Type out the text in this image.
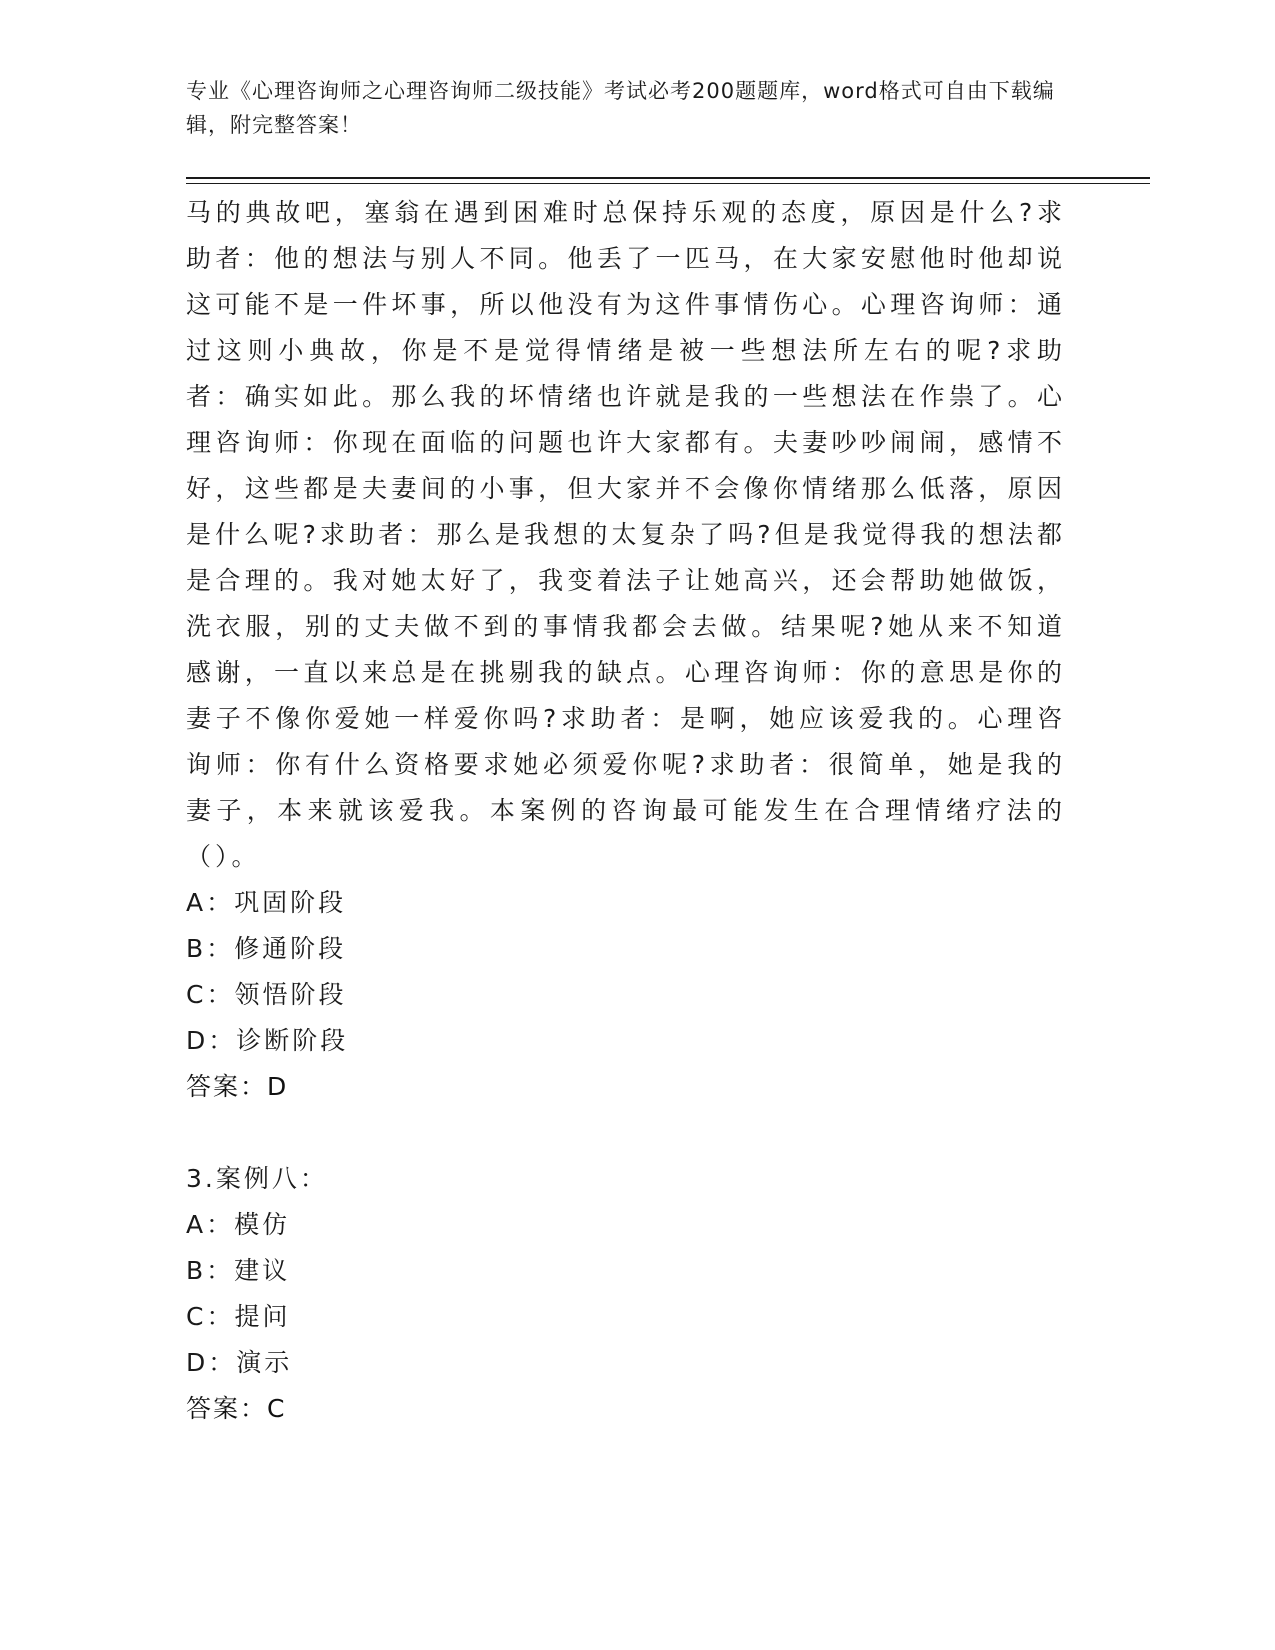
专业《心理咨询师之心理咨询师二级技能》考试必考200题题库，word格式可自由下载编辑，附完整答案！

马的典故吧，塞翁在遇到困难时总保持乐观的态度，原因是什么?求助者：他的想法与别人不同。他丢了一匹马，在大家安慰他时他却说这可能不是一件坏事，所以他没有为这件事情伤心。心理咨询师：通过这则小典故，你是不是觉得情绪是被一些想法所左右的呢?求助者：确实如此。那么我的坏情绪也许就是我的一些想法在作祟了。心理咨询师：你现在面临的问题也许大家都有。夫妻吵吵闹闹，感情不好，这些都是夫妻间的小事，但大家并不会像你情绪那么低落，原因是什么呢?求助者：那么是我想的太复杂了吗?但是我觉得我的想法都是合理的。我对她太好了，我变着法子让她高兴，还会帮助她做饭，洗衣服，别的丈夫做不到的事情我都会去做。结果呢?她从来不知道感谢，一直以来总是在挑剔我的缺点。心理咨询师：你的意思是你的妻子不像你爱她一样爱你吗?求助者：是啊，她应该爱我的。心理咨询师：你有什么资格要求她必须爱你呢?求助者：很简单，她是我的妻子，本来就该爱我。本案例的咨询最可能发生在合理情绪疗法的（）。

A：巩固阶段

B：修通阶段

C：领悟阶段

D：诊断阶段

答案：D

3.案例八：

A：模仿

B：建议

C：提问

D：演示

答案：C
